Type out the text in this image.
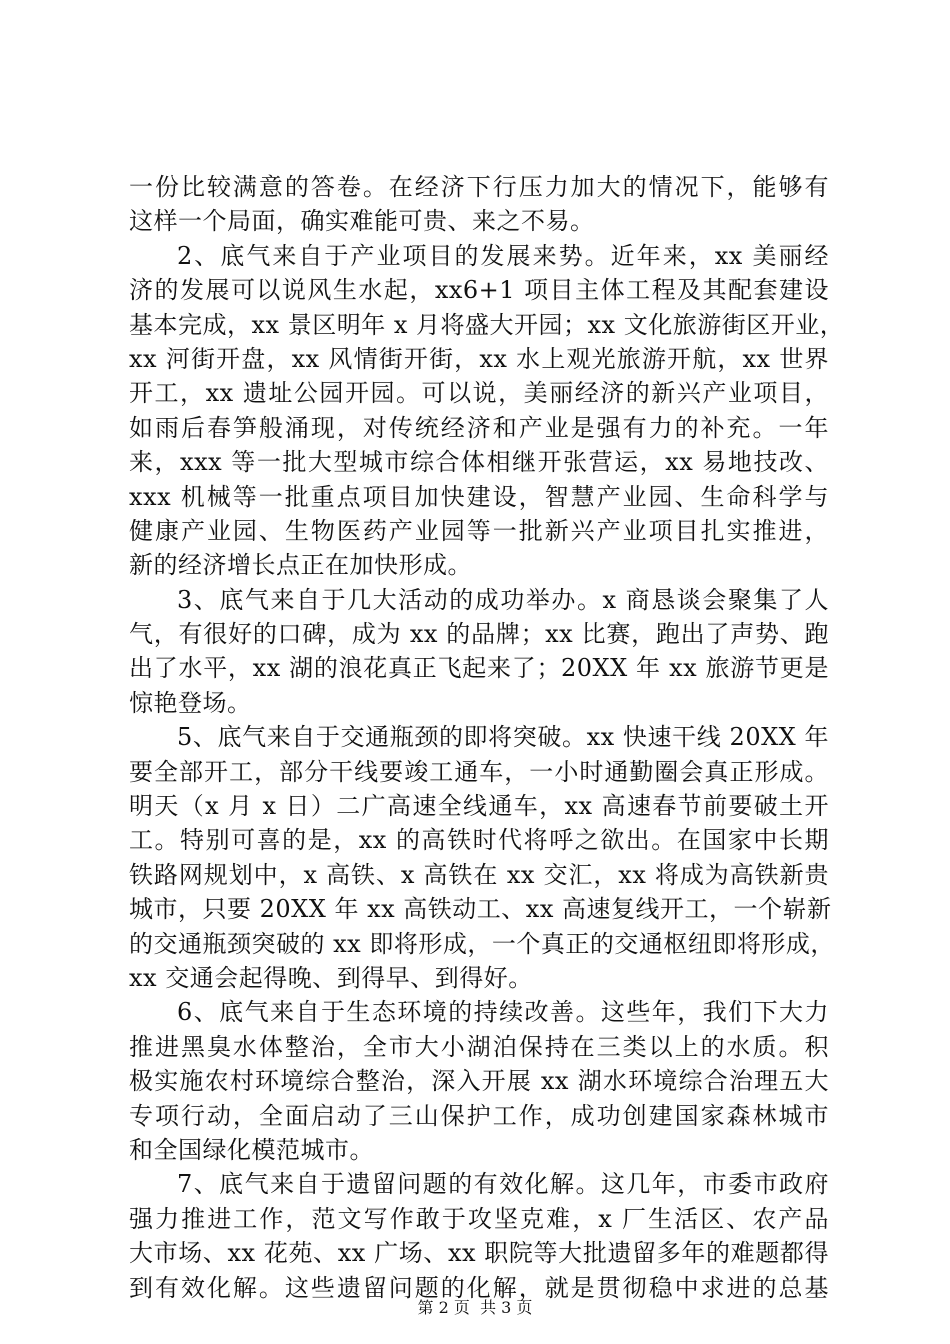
一份比较满意的答卷。在经济下行压力加大的情况下，能够有
这样一个局面，确实难能可贵、来之不易。
2、底气来自于产业项目的发展来势。近年来，xx 美丽经
济的发展可以说风生水起，xx6+1 项目主体工程及其配套建设
基本完成，xx 景区明年 x 月将盛大开园；xx 文化旅游街区开业，
xx 河街开盘，xx 风情街开街，xx 水上观光旅游开航，xx 世界
开工，xx 遗址公园开园。可以说，美丽经济的新兴产业项目，
如雨后春笋般涌现，对传统经济和产业是强有力的补充。一年
来，xxx 等一批大型城市综合体相继开张营运，xx 易地技改、
xxx 机械等一批重点项目加快建设，智慧产业园、生命科学与
健康产业园、生物医药产业园等一批新兴产业项目扎实推进，
新的经济增长点正在加快形成。
3、底气来自于几大活动的成功举办。x 商恳谈会聚集了人
气，有很好的口碑，成为 xx 的品牌；xx 比赛，跑出了声势、跑
出了水平，xx 湖的浪花真正飞起来了；20XX 年 xx 旅游节更是
惊艳登场。
5、底气来自于交通瓶颈的即将突破。xx 快速干线 20XX 年
要全部开工，部分干线要竣工通车，一小时通勤圈会真正形成。
明天（x 月 x 日）二广高速全线通车，xx 高速春节前要破土开
工。特别可喜的是，xx 的高铁时代将呼之欲出。在国家中长期
铁路网规划中，x 高铁、x 高铁在 xx 交汇，xx 将成为高铁新贵
城市，只要 20XX 年 xx 高铁动工、xx 高速复线开工，一个崭新
的交通瓶颈突破的 xx 即将形成，一个真正的交通枢纽即将形成，
xx 交通会起得晚、到得早、到得好。
6、底气来自于生态环境的持续改善。这些年，我们下大力
推进黑臭水体整治，全市大小湖泊保持在三类以上的水质。积
极实施农村环境综合整治，深入开展 xx 湖水环境综合治理五大
专项行动，全面启动了三山保护工作，成功创建国家森林城市
和全国绿化模范城市。
7、底气来自于遗留问题的有效化解。这几年，市委市政府
强力推进工作，范文写作敢于攻坚克难，x 厂生活区、农产品
大市场、xx 花苑、xx 广场、xx 职院等大批遗留多年的难题都得
到有效化解。这些遗留问题的化解，就是贯彻稳中求进的总基
第 2 页  共 3 页
